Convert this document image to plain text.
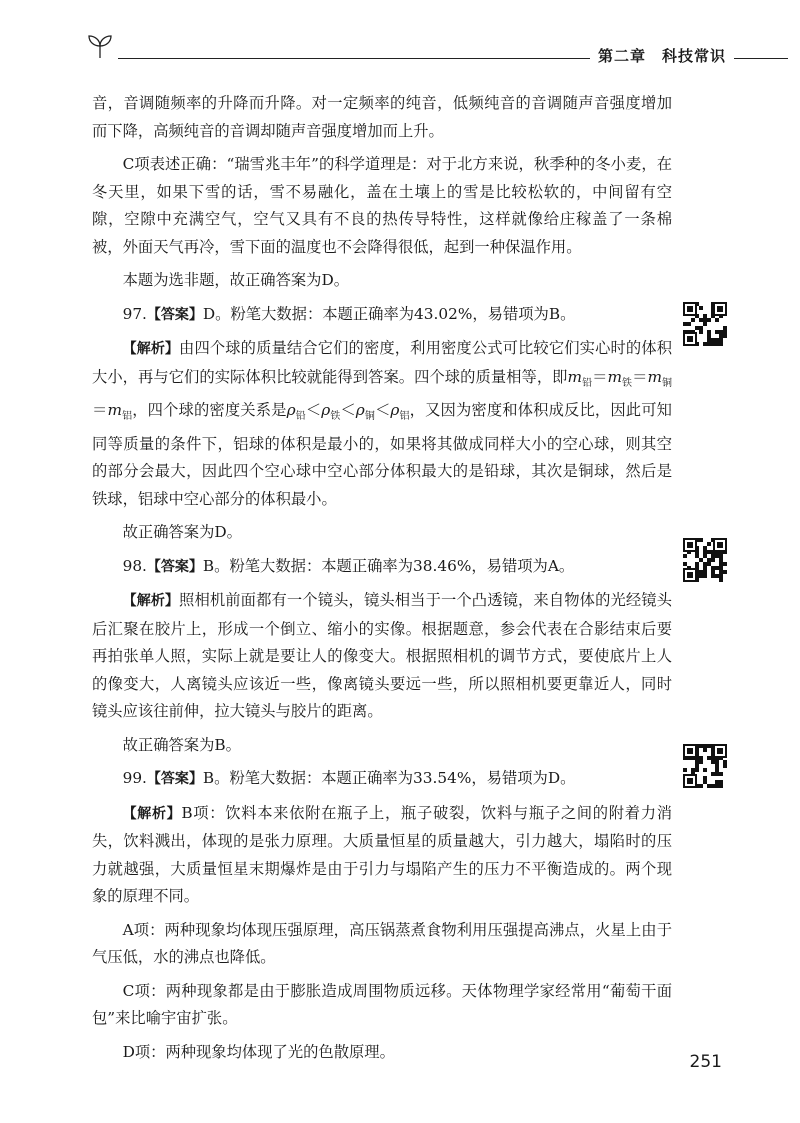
第二章　科技常识

音，音调随频率的升降而升降。对一定频率的纯音，低频纯音的音调随声音强度增加而下降，高频纯音的音调却随声音强度增加而上升。

C项表述正确：“瑞雪兆丰年”的科学道理是：对于北方来说，秋季种的冬小麦，在冬天里，如果下雪的话，雪不易融化，盖在土壤上的雪是比较松软的，中间留有空隙，空隙中充满空气，空气又具有不良的热传导特性，这样就像给庄稼盖了一条棉被，外面天气再冷，雪下面的温度也不会降得很低，起到一种保温作用。

本题为选非题，故正确答案为D。

97.【答案】D。粉笔大数据：本题正确率为43.02%，易错项为B。

【解析】由四个球的质量结合它们的密度，利用密度公式可比较它们实心时的体积大小，再与它们的实际体积比较就能得到答案。四个球的质量相等，即$m_铅=m_铁=m_铜=m_铝$，四个球的密度关系是$\rho_铅<\rho_铁<\rho_铜<\rho_铝$，又因为密度和体积成反比，因此可知同等质量的条件下，铝球的体积是最小的，如果将其做成同样大小的空心球，则其空的部分会最大，因此四个空心球中空心部分体积最大的是铅球，其次是铜球，然后是铁球，铝球中空心部分的体积最小。

故正确答案为D。

98.【答案】B。粉笔大数据：本题正确率为38.46%，易错项为A。

【解析】照相机前面都有一个镜头，镜头相当于一个凸透镜，来自物体的光经镜头后汇聚在胶片上，形成一个倒立、缩小的实像。根据题意，参会代表在合影结束后要再拍张单人照，实际上就是要让人的像变大。根据照相机的调节方式，要使底片上人的像变大，人离镜头应该近一些，像离镜头要远一些，所以照相机要更靠近人，同时镜头应该往前伸，拉大镜头与胶片的距离。

故正确答案为B。

99.【答案】B。粉笔大数据：本题正确率为33.54%，易错项为D。

【解析】B项：饮料本来依附在瓶子上，瓶子破裂，饮料与瓶子之间的附着力消失，饮料溅出，体现的是张力原理。大质量恒星的质量越大，引力越大，塌陷时的压力就越强，大质量恒星末期爆炸是由于引力与塌陷产生的压力不平衡造成的。两个现象的原理不同。

A项：两种现象均体现压强原理，高压锅蒸煮食物利用压强提高沸点，火星上由于气压低，水的沸点也降低。

C项：两种现象都是由于膨胀造成周围物质远移。天体物理学家经常用“葡萄干面包”来比喻宇宙扩张。

D项：两种现象均体现了光的色散原理。

251
